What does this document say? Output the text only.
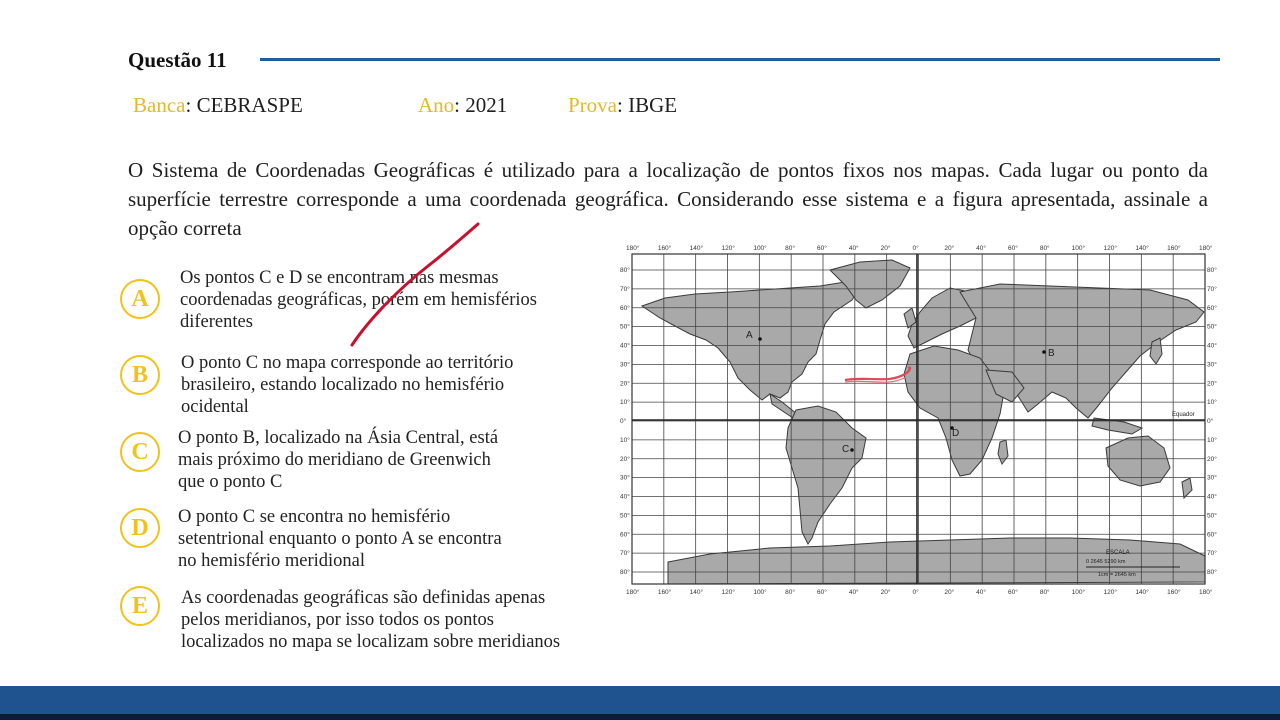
Questão 11
Banca: CEBRASPE	Ano: 2021	Prova: IBGE
O Sistema de Coordenadas Geográficas é utilizado para a localização de pontos fixos nos mapas. Cada lugar ou ponto da superfície terrestre corresponde a uma coordenada geográfica. Considerando esse sistema e a figura apresentada, assinale a opção correta
A
Os pontos C e D se encontram nas mesmas
coordenadas geográficas, porém em hemisférios
diferentes
B	O ponto C no mapa corresponde ao território
brasileiro, estando localizado no hemisfério
ocidental
C
O ponto B, localizado na Ásia Central, está
mais próximo do meridiano de Greenwich
que o ponto C
D	O ponto C se encontra no hemisfério
setentrional enquanto o ponto A se encontra
no hemisfério meridional
E	As coordenadas geográficas são definidas apenas
pelos meridianos, por isso todos os pontos
localizados no mapa se localizam sobre meridianos
180°
180°
160°
160°
140°
140°
120°
120°
100°
100°
80°
80°
60°
60°
40°
40°
20°
20°
0°
0°
20°
20°
40°
40°
60°
60°
80°
80°
100°
100°
120°
120°
140°
140°
160°
160°
180°
180°
80°	80°
70°	70°
60°	60°
50°	50°
40°	40°
30°	30°
20°	20°
10°	10°
0°	0°
10°	10°
20°	20°
30°	30°
40°	40°
50°	50°
60°	60°
70°	70°
80°	80°
A
B
C
D
Equador
ESCALA
0 2645 5290 km
1cm = 2645 km
